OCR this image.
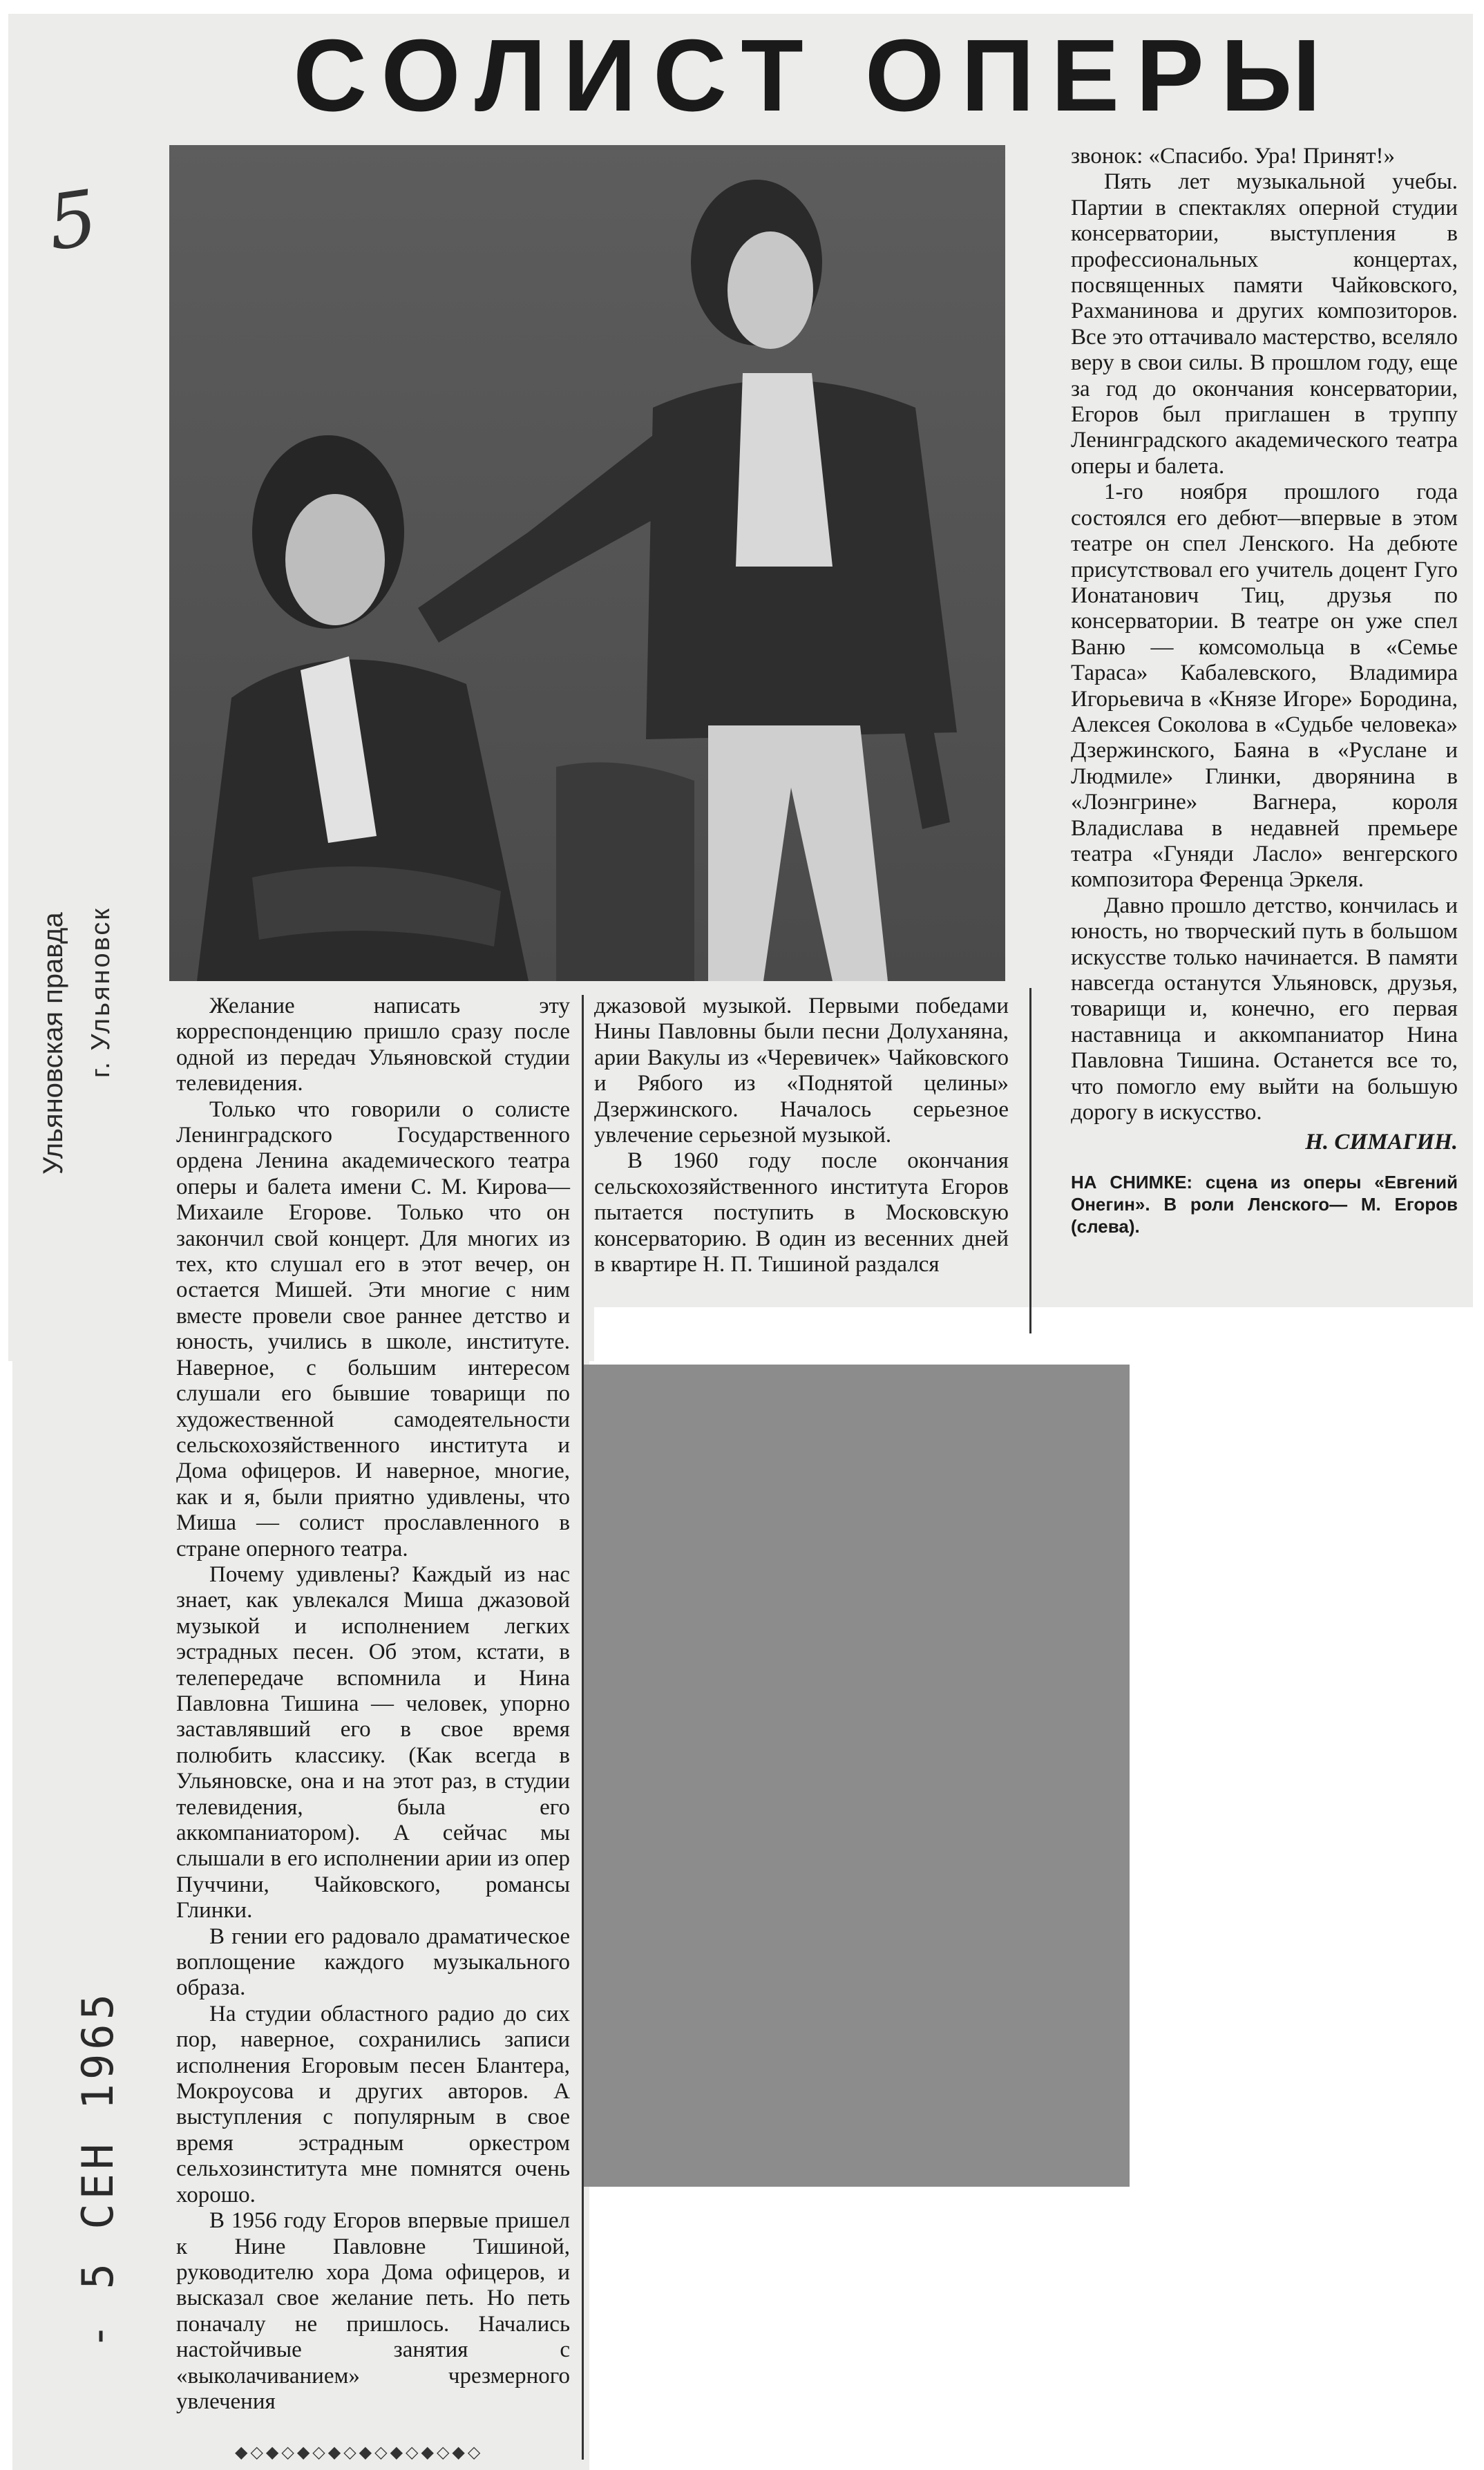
5
СОЛИСТ ОПЕРЫ

Желание написать эту корреспонденцию пришло сразу после одной из передач Ульяновской студии телевидения.

Только что говорили о солисте Ленинградского Государственного ордена Ленина академического театра оперы и балета имени С. М. Кирова—Михаиле Егорове. Только что он закончил свой концерт. Для многих из тех, кто слушал его в этот вечер, он остается Мишей. Эти многие с ним вместе провели свое раннее детство и юность, учились в школе, институте. Наверное, с большим интересом слушали его бывшие товарищи по художественной самодеятельности сельскохозяйственного института и Дома офицеров. И наверное, многие, как и я, были приятно удивлены, что Миша — солист прославленного в стране оперного театра.

Почему удивлены? Каждый из нас знает, как увлекался Миша джазовой музыкой и исполнением легких эстрадных песен. Об этом, кстати, в телепередаче вспомнила и Нина Павловна Тишина — человек, упорно заставлявший его в свое время полюбить классику. (Как всегда в Ульяновске, она и на этот раз, в студии телевидения, была его аккомпаниатором). А сейчас мы слышали в его исполнении арии из опер Пуччини, Чайковского, романсы Глинки.

В гении его радовало драматическое воплощение каждого музыкального образа.

На студии областного радио до сих пор, наверное, сохранились записи исполнения Егоровым песен Блантера, Мокроусова и других авторов. А выступления с популярным в свое время эстрадным оркестром сельхозинститута мне помнятся очень хорошо.

В 1956 году Егоров впервые пришел к Нине Павловне Тишиной, руководителю хора Дома офицеров, и высказал свое желание петь. Но петь поначалу не пришлось. Начались настойчивые занятия с «выколачиванием» чрезмерного увлечения

джазовой музыкой. Первыми победами Нины Павловны были песни Долуханяна, арии Вакулы из «Черевичек» Чайковского и Рябого из «Поднятой целины» Дзержинского. Началось серьезное увлечение серьезной музыкой.

В 1960 году после окончания сельскохозяйственного института Егоров пытается поступить в Московскую консерваторию. В один из весенних дней в квартире Н. П. Тишиной раздался

звонок: «Спасибо. Ура! Принят!»

Пять лет музыкальной учебы. Партии в спектаклях оперной студии консерватории, выступления в профессиональных концертах, посвященных памяти Чайковского, Рахманинова и других композиторов. Все это оттачивало мастерство, вселяло веру в свои силы. В прошлом году, еще за год до окончания консерватории, Егоров был приглашен в труппу Ленинградского академического театра оперы и балета.

1-го ноября прошлого года состоялся его дебют—впервые в этом театре он спел Ленского. На дебюте присутствовал его учитель доцент Гуго Ионатанович Тиц, друзья по консерватории. В театре он уже спел Ваню — комсомольца в «Семье Тараса» Кабалевского, Владимира Игорьевича в «Князе Игоре» Бородина, Алексея Соколова в «Судьбе человека» Дзержинского, Баяна в «Руслане и Людмиле» Глинки, дворянина в «Лоэнгрине» Вагнера, короля Владислава в недавней премьере театра «Гуняди Ласло» венгерского композитора Ференца Эркеля.

Давно прошло детство, кончилась и юность, но творческий путь в большом искусстве только начинается. В памяти навсегда останутся Ульяновск, друзья, товарищи и, конечно, его первая наставница и аккомпаниатор Нина Павловна Тишина. Останется все то, что помогло ему выйти на большую дорогу в искусство.

Н. СИМАГИН.
НА СНИМКЕ: сцена из оперы «Евгений Онегин». В роли Ленского— М. Егоров (слева).
Ульяновская правда г. Ульяновск
- 5 СЕН 1965
◆◇◆◇◆◇◆◇◆◇◆◇◆◇◆◇
